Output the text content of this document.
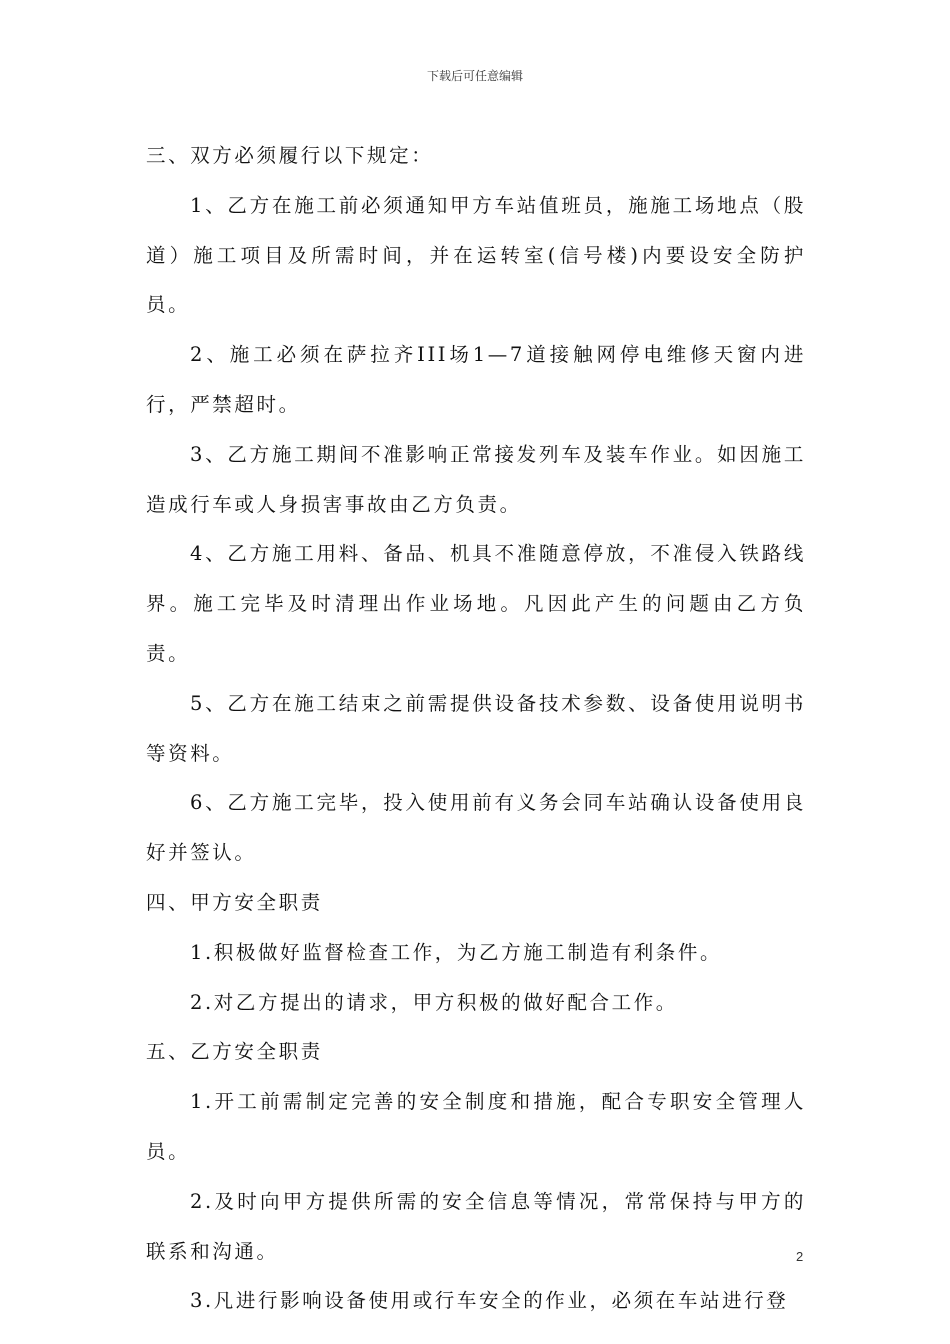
下载后可任意编辑

三、双方必须履行以下规定：

1、乙方在施工前必须通知甲方车站值班员，施施工场地点（股道）施工项目及所需时间，并在运转室(信号楼)内要设安全防护员。

2、施工必须在萨拉齐III场1—7道接触网停电维修天窗内进行，严禁超时。

3、乙方施工期间不准影响正常接发列车及装车作业。如因施工造成行车或人身损害事故由乙方负责。

4、乙方施工用料、备品、机具不准随意停放，不准侵入铁路线界。施工完毕及时清理出作业场地。凡因此产生的问题由乙方负责。

5、乙方在施工结束之前需提供设备技术参数、设备使用说明书等资料。

6、乙方施工完毕，投入使用前有义务会同车站确认设备使用良好并签认。

四、甲方安全职责

1.积极做好监督检查工作，为乙方施工制造有利条件。

2.对乙方提出的请求，甲方积极的做好配合工作。

五、乙方安全职责

1.开工前需制定完善的安全制度和措施，配合专职安全管理人员。

2.及时向甲方提供所需的安全信息等情况，常常保持与甲方的联系和沟通。

3.凡进行影响设备使用或行车安全的作业，必须在车站进行登

2
